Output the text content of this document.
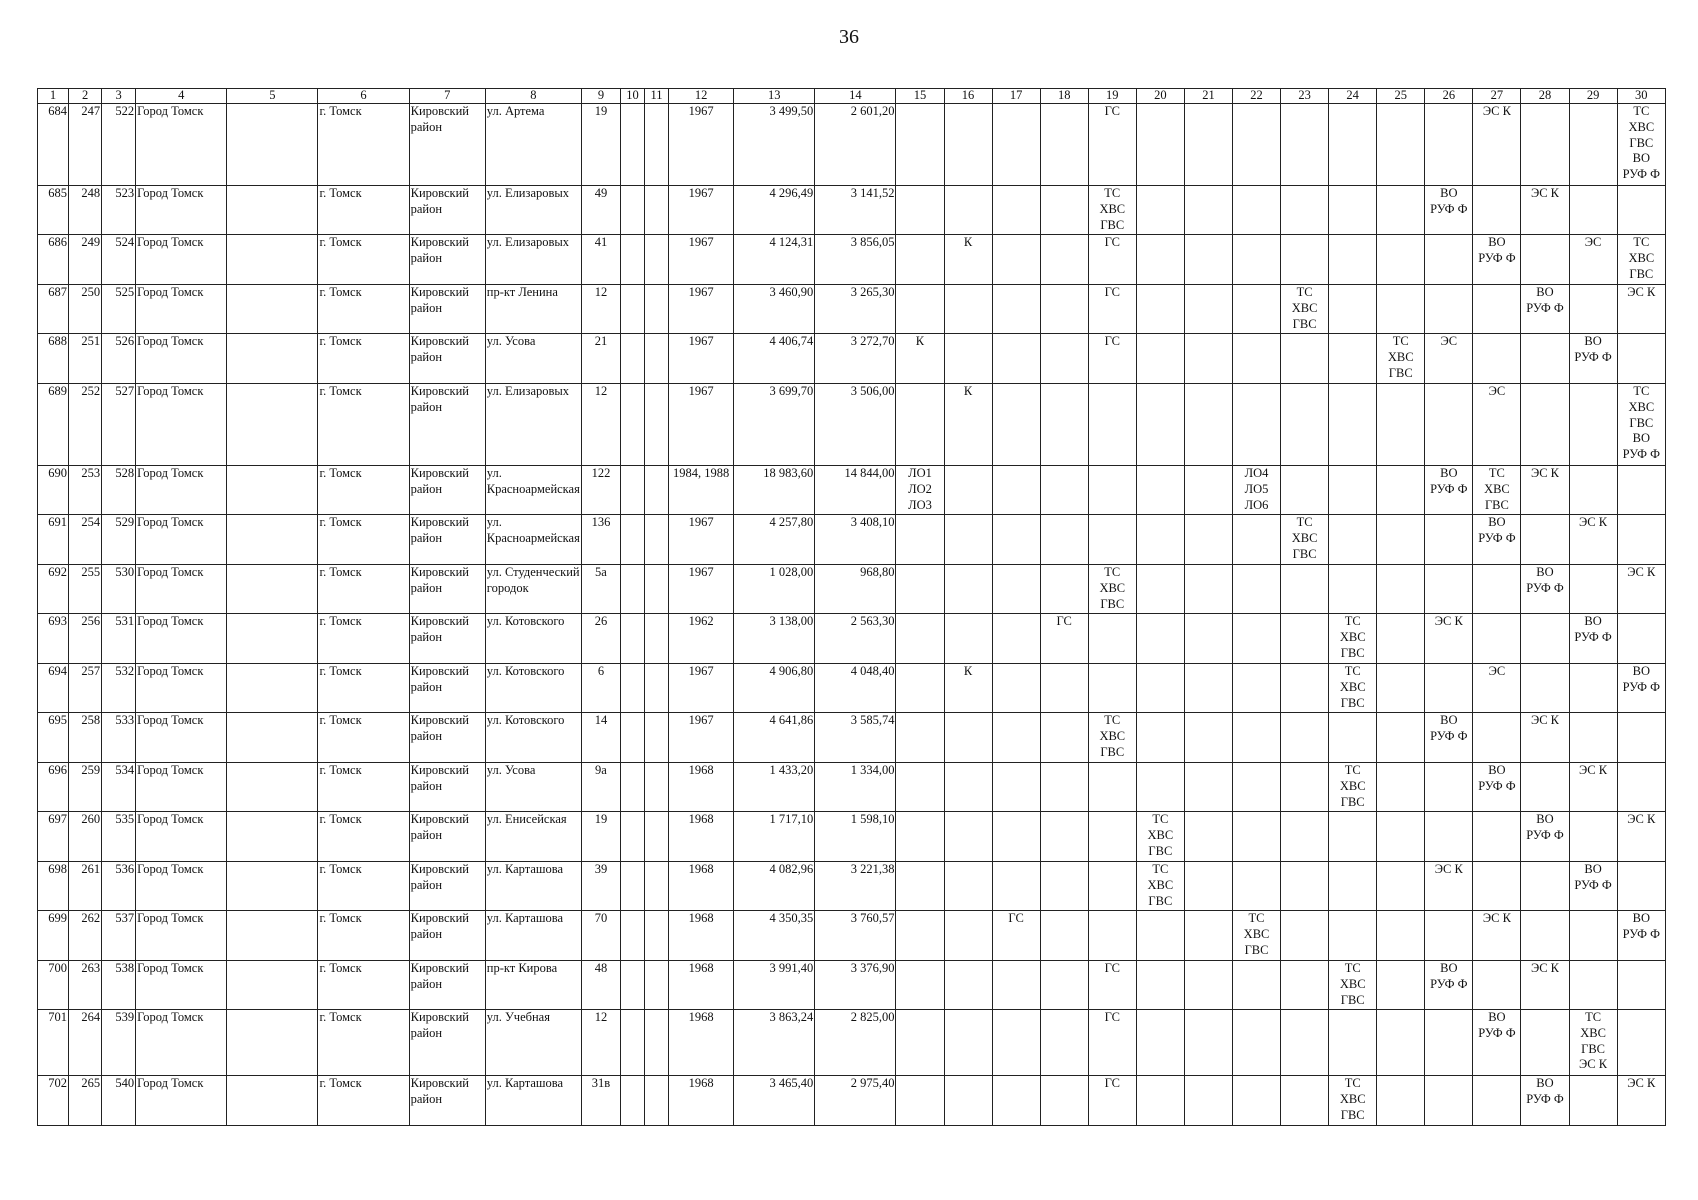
36
1	2	3	4	5	6	7	8	9	10	11	12	13	14	15	16	17	18	19	20	21	22	23	24	25	26	27	28	29	30
684	247	522	Город Томск		г. Томск	Кировский район	ул. Артема	19			1967	3 499,50	2 601,20					ГС								ЭС К			ТС
ХВС
ГВС
ВО
РУФ Ф
685	248	523	Город Томск		г. Томск	Кировский район	ул. Елизаровых	49			1967	4 296,49	3 141,52					ТС
ХВС
ГВС							ВО
РУФ Ф		ЭС К		
686	249	524	Город Томск		г. Томск	Кировский район	ул. Елизаровых	41			1967	4 124,31	3 856,05		К			ГС								ВО
РУФ Ф		ЭС	ТС
ХВС
ГВС
687	250	525	Город Томск		г. Томск	Кировский район	пр-кт Ленина	12			1967	3 460,90	3 265,30					ГС				ТС
ХВС
ГВС					ВО
РУФ Ф		ЭС К
688	251	526	Город Томск		г. Томск	Кировский район	ул. Усова	21			1967	4 406,74	3 272,70	К				ГС						ТС
ХВС
ГВС	ЭС			ВО
РУФ Ф	
689	252	527	Город Томск		г. Томск	Кировский район	ул. Елизаровых	12			1967	3 699,70	3 506,00		К											ЭС			ТС
ХВС
ГВС
ВО
РУФ Ф
690	253	528	Город Томск		г. Томск	Кировский район	ул. Красноармейская	122			1984, 1988	18 983,60	14 844,00	ЛО1
ЛО2
ЛО3							ЛО4
ЛО5
ЛО6				ВО
РУФ Ф	ТС
ХВС
ГВС	ЭС К		
691	254	529	Город Томск		г. Томск	Кировский район	ул. Красноармейская	136			1967	4 257,80	3 408,10									ТС
ХВС
ГВС				ВО
РУФ Ф		ЭС К	
692	255	530	Город Томск		г. Томск	Кировский район	ул. Студенческий городок	5а			1967	1 028,00	968,80					ТС
ХВС
ГВС									ВО
РУФ Ф		ЭС К
693	256	531	Город Томск		г. Томск	Кировский район	ул. Котовского	26			1962	3 138,00	2 563,30				ГС						ТС
ХВС
ГВС		ЭС К			ВО
РУФ Ф	
694	257	532	Город Томск		г. Томск	Кировский район	ул. Котовского	6			1967	4 906,80	4 048,40		К								ТС
ХВС
ГВС			ЭС			ВО
РУФ Ф
695	258	533	Город Томск		г. Томск	Кировский район	ул. Котовского	14			1967	4 641,86	3 585,74					ТС
ХВС
ГВС							ВО
РУФ Ф		ЭС К		
696	259	534	Город Томск		г. Томск	Кировский район	ул. Усова	9а			1968	1 433,20	1 334,00										ТС
ХВС
ГВС			ВО
РУФ Ф		ЭС К	
697	260	535	Город Томск		г. Томск	Кировский район	ул. Енисейская	19			1968	1 717,10	1 598,10						ТС
ХВС
ГВС								ВО
РУФ Ф		ЭС К
698	261	536	Город Томск		г. Томск	Кировский район	ул. Карташова	39			1968	4 082,96	3 221,38						ТС
ХВС
ГВС						ЭС К			ВО
РУФ Ф	
699	262	537	Город Томск		г. Томск	Кировский район	ул. Карташова	70			1968	4 350,35	3 760,57			ГС					ТС
ХВС
ГВС					ЭС К			ВО
РУФ Ф
700	263	538	Город Томск		г. Томск	Кировский район	пр-кт Кирова	48			1968	3 991,40	3 376,90					ГС					ТС
ХВС
ГВС		ВО
РУФ Ф		ЭС К		
701	264	539	Город Томск		г. Томск	Кировский район	ул. Учебная	12			1968	3 863,24	2 825,00					ГС								ВО
РУФ Ф		ТС
ХВС
ГВС
ЭС К	
702	265	540	Город Томск		г. Томск	Кировский район	ул. Карташова	31в			1968	3 465,40	2 975,40					ГС					ТС
ХВС
ГВС				ВО
РУФ Ф		ЭС К
